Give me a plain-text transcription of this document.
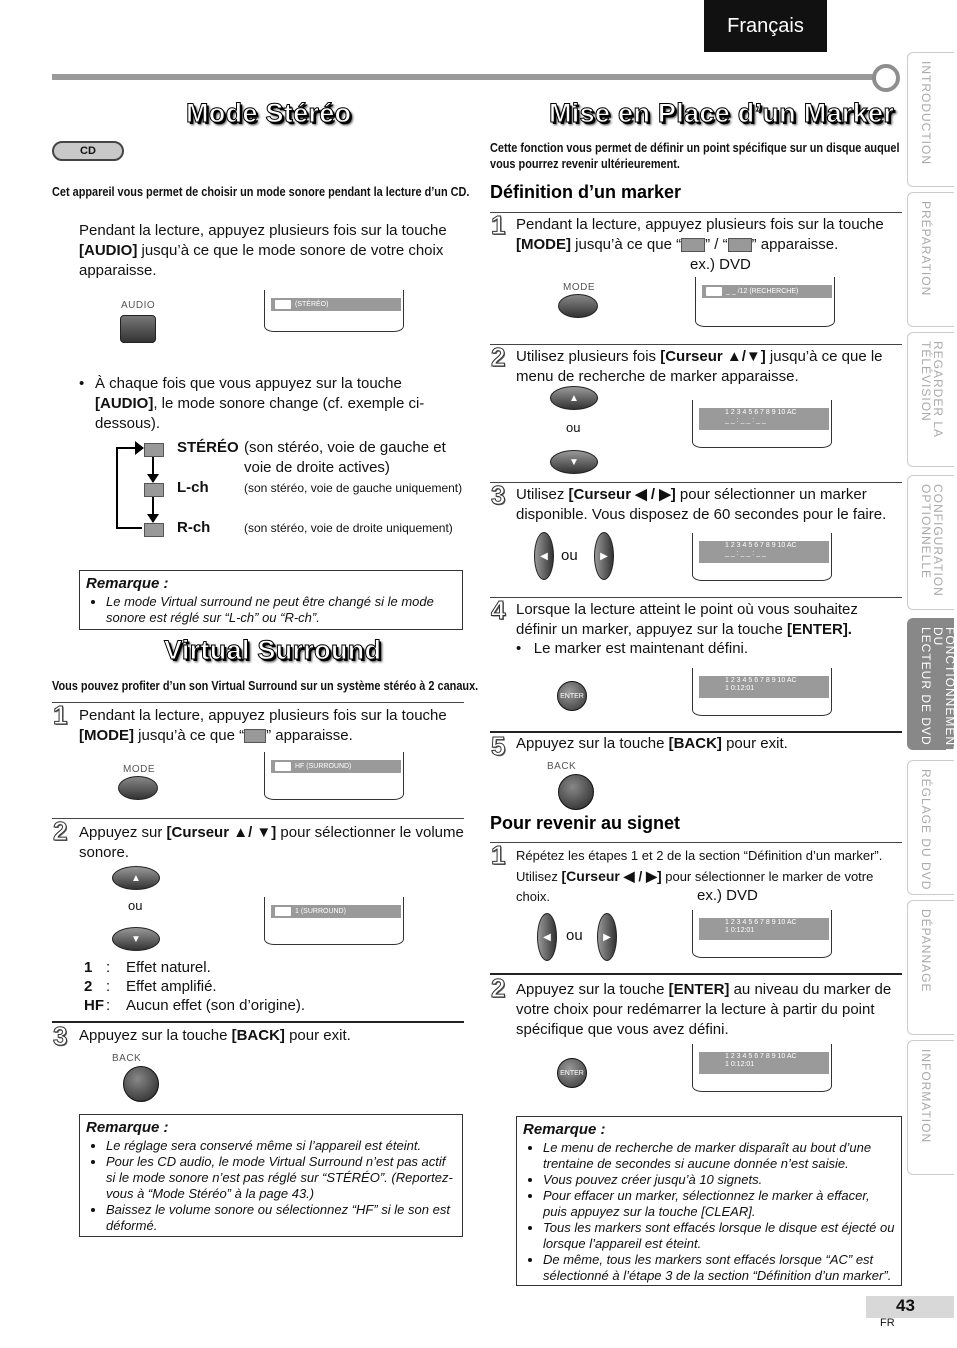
Français
INTRODUCTION
PRÉPARATION
REGARDER LA
TÉLÉVISION
CONFIGURATION
OPTIONNELLE
FONCTIONNEMENT DU
LECTEUR DE DVD
RÉGLAGE DU DVD
DÉPANNAGE
INFORMATION
Mode Stéréo
CD
Cet appareil vous permet de choisir un mode sonore pendant la lecture d’un CD.
Pendant la lecture, appuyez plusieurs fois sur la touche [AUDIO] jusqu’à ce que le mode sonore de votre choix apparaisse.
AUDIO	(STÉRÉO)
• À chaque fois que vous appuyez sur la touche [AUDIO], le mode sonore change (cf. exemple ci-dessous).
STÉRÉO (son stéréo, voie de gauche et voie de droite actives)
L-ch	(son stéréo, voie de gauche uniquement)
R-ch	(son stéréo, voie de droite uniquement)
Remarque :
• Le mode Virtual surround ne peut être changé si le mode sonore est réglé sur “L-ch” ou “R-ch”.
Virtual Surround
Vous pouvez profiter d’un son Virtual Surround sur un système stéréo à 2 canaux.
1 Pendant la lecture, appuyez plusieurs fois sur la touche [MODE] jusqu’à ce que “ ” apparaisse.
MODE	HF (SURROUND)
2 Appuyez sur [Curseur ▲/ ▼] pour sélectionner le volume sonore.
▲
ou
▼
1 (SURROUND)
1 :	Effet naturel.
2 :	Effet amplifié.
HF :	Aucun effet (son d’origine).
3 Appuyez sur la touche [BACK] pour exit.
BACK
Remarque :
• Le réglage sera conservé même si l’appareil est éteint.
• Pour les CD audio, le mode Virtual Surround n’est pas actif si le mode sonore n’est pas réglé sur “STÉRÉO”. (Reportez-vous à “Mode Stéréo” à la page 43.)
• Baissez le volume sonore ou sélectionnez “HF” si le son est déformé.
Mise en Place d’un Marker
Cette fonction vous permet de définir un point spécifique sur un disque auquel vous pourrez revenir ultérieurement.
Définition d’un marker
1 Pendant la lecture, appuyez plusieurs fois sur la touche [MODE] jusqu’à ce que “ ” / “ ” apparaisse.
ex.) DVD
MODE	_ _ /12 (RECHERCHE)
2 Utilisez plusieurs fois [Curseur ▲/▼] jusqu’à ce que le menu de recherche de marker apparaisse.
▲
ou
▼
1 2 3 4 5 6 7 8 9 10 AC
_ _ : _ _ : _ _
3 Utilisez [Curseur ◀ / ▶] pour sélectionner un marker disponible. Vous disposez de 60 secondes pour le faire.
◀ ou	▶
1 2 3 4 5 6 7 8 9 10 AC
_ _ : _ _ : _ _
4 Lorsque la lecture atteint le point où vous souhaitez définir un marker, appuyez sur la touche [ENTER].
•   Le marker est maintenant défini.
ENTER
1 2 3 4 5 6 7 8 9 10 AC
1 0:12:01
5 Appuyez sur la touche [BACK] pour exit.
BACK
Pour revenir au signet
1 Répétez les étapes 1 et 2 de la section “Définition d’un marker”. Utilisez [Curseur ◀ / ▶] pour sélectionner le marker de votre choix.	ex.) DVD
◀	ou	▶
1 2 3 4 5 6 7 8 9 10 AC
1 0:12:01
2 Appuyez sur la touche [ENTER] au niveau du marker de votre choix pour redémarrer la lecture à partir du point spécifique que vous avez défini.
ENTER
1 2 3 4 5 6 7 8 9 10 AC
1 0:12:01
Remarque :
• Le menu de recherche de marker disparaît au bout d’une trentaine de secondes si aucune donnée n’est saisie.
• Vous pouvez créer jusqu’à 10 signets.
• Pour effacer un marker, sélectionnez le marker à effacer, puis appuyez sur la touche [CLEAR].
• Tous les markers sont effacés lorsque le disque est éjecté ou lorsque l’appareil est éteint.
• De même, tous les markers sont effacés lorsque “AC” est sélectionné à l’étape 3 de la section “Définition d’un marker”.
43
FR
